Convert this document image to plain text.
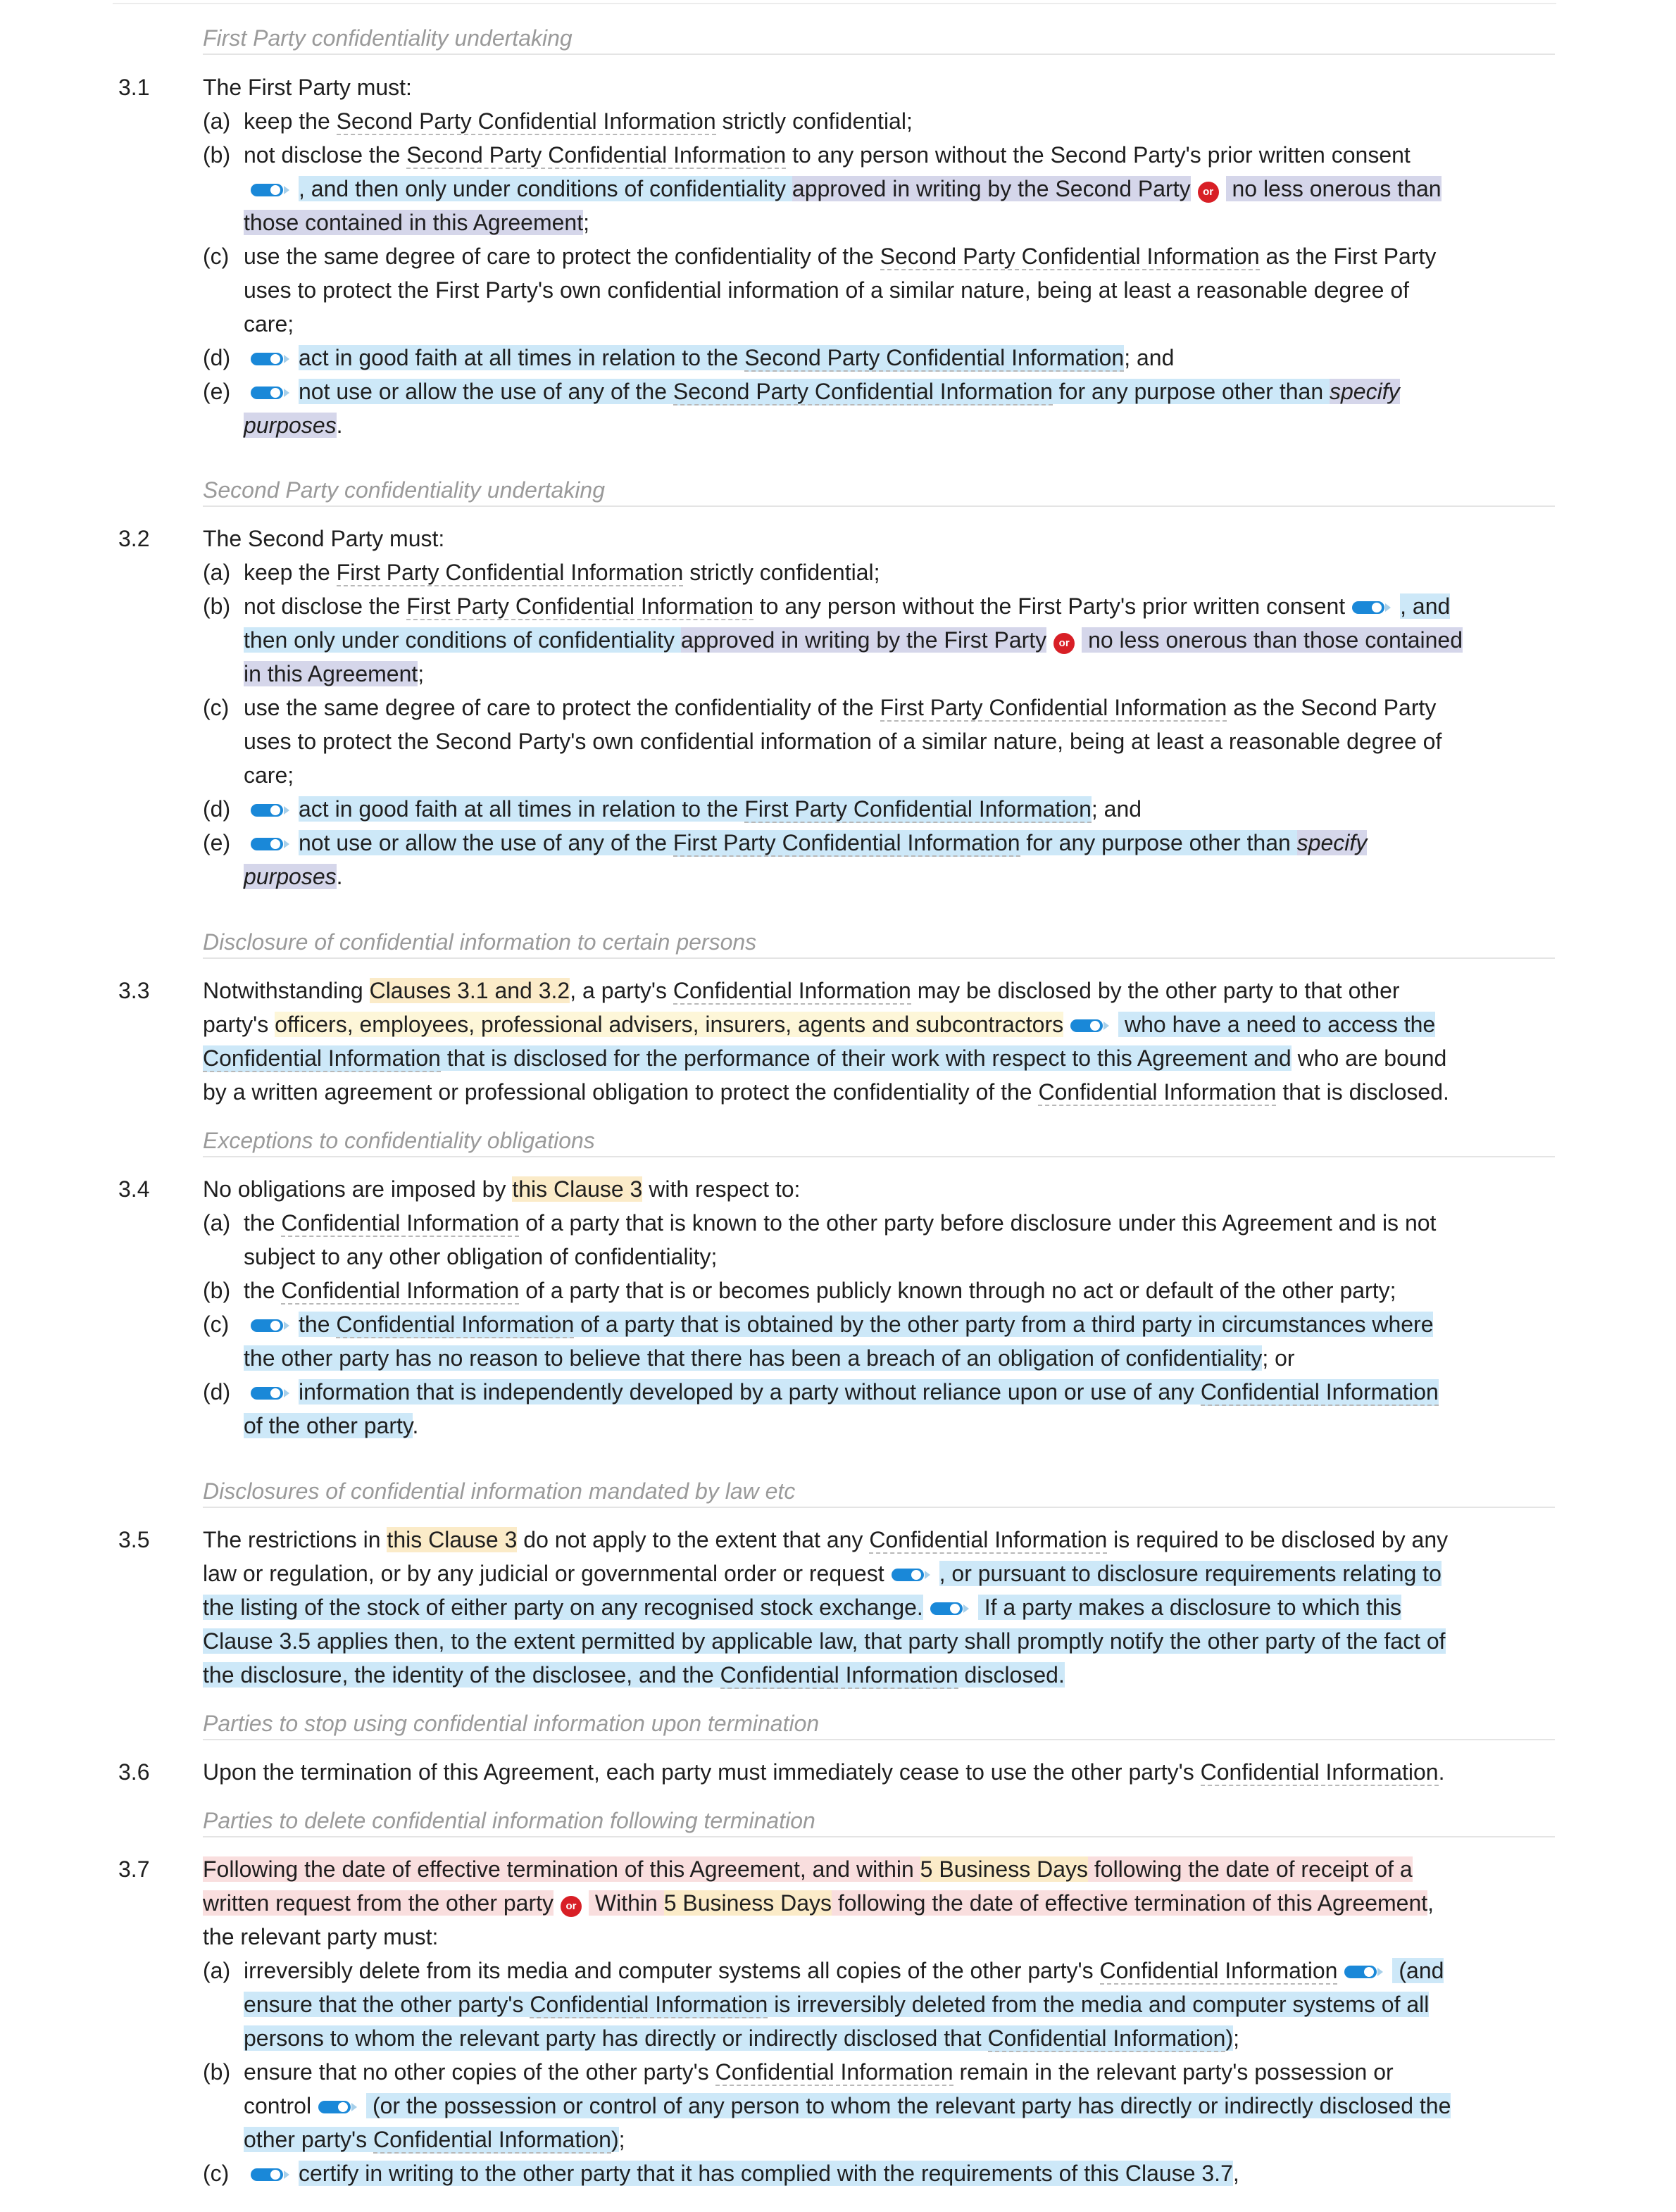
First Party confidentiality undertaking
3.1 The First Party must:
(a) keep the Second Party Confidential Information strictly confidential;
(b) not disclose the Second Party Confidential Information to any person without the Second Party's prior written consent
, and then only under conditions of confidentiality approved in writing by the Second Party or no less onerous than
those contained in this Agreement;
(c) use the same degree of care to protect the confidentiality of the Second Party Confidential Information as the First Party
uses to protect the First Party's own confidential information of a similar nature, being at least a reasonable degree of
care;
(d)	act in good faith at all times in relation to the Second Party Confidential Information; and
(e)	not use or allow the use of any of the Second Party Confidential Information for any purpose other than specify
purposes.
Second Party confidentiality undertaking
3.2 The Second Party must:
(a) keep the First Party Confidential Information strictly confidential;
(b) not disclose the First Party Confidential Information to any person without the First Party's prior written consent , and
then only under conditions of confidentiality approved in writing by the First Party or no less onerous than those contained
in this Agreement;
(c) use the same degree of care to protect the confidentiality of the First Party Confidential Information as the Second Party
uses to protect the Second Party's own confidential information of a similar nature, being at least a reasonable degree of
care;
(d)	act in good faith at all times in relation to the First Party Confidential Information; and
(e)	not use or allow the use of any of the First Party Confidential Information for any purpose other than specify
purposes.
Disclosure of confidential information to certain persons
3.3 Notwithstanding Clauses 3.1 and 3.2, a party's Confidential Information may be disclosed by the other party to that other
party's officers, employees, professional advisers, insurers, agents and subcontractors
who have a need to access the
Confidential Information that is disclosed for the performance of their work with respect to this Agreement and who are bound
by a written agreement or professional obligation to protect the confidentiality of the Confidential Information that is disclosed.
Exceptions to confidentiality obligations
3.4 No obligations are imposed by this Clause 3 with respect to:
(a) the Confidential Information of a party that is known to the other party before disclosure under this Agreement and is not
subject to any other obligation of confidentiality;
(b) the Confidential Information of a party that is or becomes publicly known through no act or default of the other party;
(c)	the Confidential Information of a party that is obtained by the other party from a third party in circumstances where
the other party has no reason to believe that there has been a breach of an obligation of confidentiality; or
(d)	information that is independently developed by a party without reliance upon or use of any Confidential Information
of the other party.
Disclosures of confidential information mandated by law etc
3.5 The restrictions in this Clause 3 do not apply to the extent that any Confidential Information is required to be disclosed by any
law or regulation, or by any judicial or governmental order or request , or pursuant to disclosure requirements relating to
the listing of the stock of either party on any recognised stock exchange.
If a party makes a disclosure to which this
Clause 3.5 applies then, to the extent permitted by applicable law, that party shall promptly notify the other party of the fact of
the disclosure, the identity of the disclosee, and the Confidential Information disclosed.
Parties to stop using confidential information upon termination
3.6 Upon the termination of this Agreement, each party must immediately cease to use the other party's Confidential Information.
Parties to delete confidential information following termination
3.7 Following the date of effective termination of this Agreement, and within 5 Business Days following the date of receipt of a
written request from the other party or Within 5 Business Days following the date of effective termination of this Agreement,
the relevant party must:
(a) irreversibly delete from its media and computer systems all copies of the other party's Confidential Information
(and
ensure that the other party's Confidential Information is irreversibly deleted from the media and computer systems of all
persons to whom the relevant party has directly or indirectly disclosed that Confidential Information);
(b) ensure that no other copies of the other party's Confidential Information remain in the relevant party's possession or
control
(or the possession or control of any person to whom the relevant party has directly or indirectly disclosed the
other party's Confidential Information);
(c)	certify in writing to the other party that it has complied with the requirements of this Clause 3.7,
